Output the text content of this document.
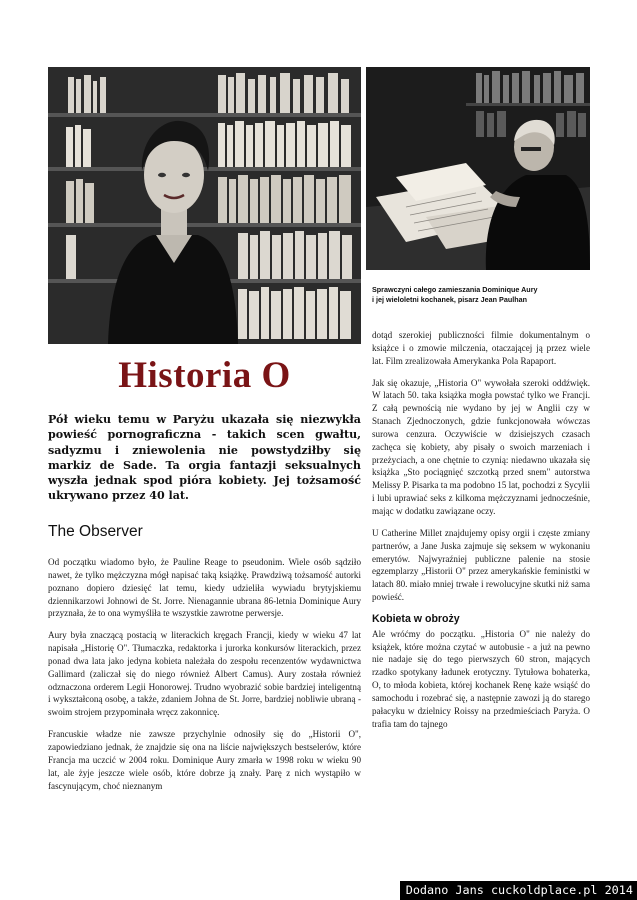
Sprawczyni całego zamieszania Dominique Aury
i jej wieloletni kochanek, pisarz Jean Paulhan
Historia O
Pół wieku temu w Paryżu ukazała się niezwykła powieść pornograficzna - takich scen gwałtu, sadyzmu i zniewolenia nie powstydziłby się markiz de Sade. Ta orgia fantazji seksualnych wyszła jednak spod pióra kobiety. Jej tożsamość ukrywano przez 40 lat.
The Observer

Od początku wiadomo było, że Pauline Reage to pseudonim. Wiele osób sądziło nawet, że tylko mężczyzna mógł napisać taką książkę. Prawdziwą tożsamość autorki poznano dopiero dziesięć lat temu, kiedy udzieliła wywiadu brytyjskiemu dziennikarzowi Johnowi de St. Jorre. Nienagannie ubrana 86-letnia Dominique Aury przyznała, że to ona wymyśliła te wszystkie zawrotne perwersje.

Aury była znaczącą postacią w literackich kręgach Francji, kiedy w wieku 47 lat napisała „Historię O". Tłumaczka, redaktorka i jurorka konkursów literackich, przez ponad dwa lata jako jedyna kobieta należała do zespołu recenzentów wydawnictwa Gallimard (zaliczał się do niego również Albert Camus). Aury została również odznaczona orderem Legii Honorowej. Trudno wyobrazić sobie bardziej inteligentną i wykształconą osobę, a także, zdaniem Johna de St. Jorre, bardziej nobliwie ubraną - swoim strojem przypominała wręcz zakonnicę.

Francuskie władze nie zawsze przychylnie odnosiły się do „Historii O", zapowiedziano jednak, że znajdzie się ona na liście największych bestselerów, które Francja ma uczcić w 2004 roku. Dominique Aury zmarła w 1998 roku w wieku 90 lat, ale żyje jeszcze wiele osób, które dobrze ją znały. Parę z nich wystąpiło w fascynującym, choć nieznanym

dotąd szerokiej publiczności filmie dokumentalnym o książce i o zmowie milczenia, otaczającej ją przez wiele lat. Film zrealizowała Amerykanka Pola Rapaport.

Jak się okazuje, „Historia O" wywołała szeroki oddźwięk. W latach 50. taka książka mogła powstać tylko we Francji. Z całą pewnością nie wydano by jej w Anglii czy w Stanach Zjednoczonych, gdzie funkcjonowała wówczas surowa cenzura. Oczywiście w dzisiejszych czasach zachęca się kobiety, aby pisały o swoich marzeniach i przeżyciach, a one chętnie to czynią: niedawno ukazała się książka „Sto pociągnięć szczotką przed snem" autorstwa Melissy P. Pisarka ta ma podobno 15 lat, pochodzi z Sycylii i lubi uprawiać seks z kilkoma mężczyznami jednocześnie, mając w dodatku zawiązane oczy.

U Catherine Millet znajdujemy opisy orgii i częste zmiany partnerów, a Jane Juska zajmuje się seksem w wykonaniu emerytów. Najwyraźniej publiczne palenie na stosie egzemplarzy „Historii O" przez amerykańskie feministki w latach 80. miało mniej trwałe i rewolucyjne skutki niż sama powieść.

Kobieta w obroży

Ale wróćmy do początku. „Historia O" nie należy do książek, które można czytać w autobusie - a już na pewno nie nadaje się do tego pierwszych 60 stron, mających rzadko spotykany ładunek erotyczny. Tytułowa bohaterka, O, to młoda kobieta, której kochanek Renę każe wsiąść do samochodu i rozebrać się, a następnie zawozi ją do starego pałacyku w dzielnicy Roissy na przedmieściach Paryża. O trafia tam do tajnego

Dodano Jans cuckoldplace.pl 2014
